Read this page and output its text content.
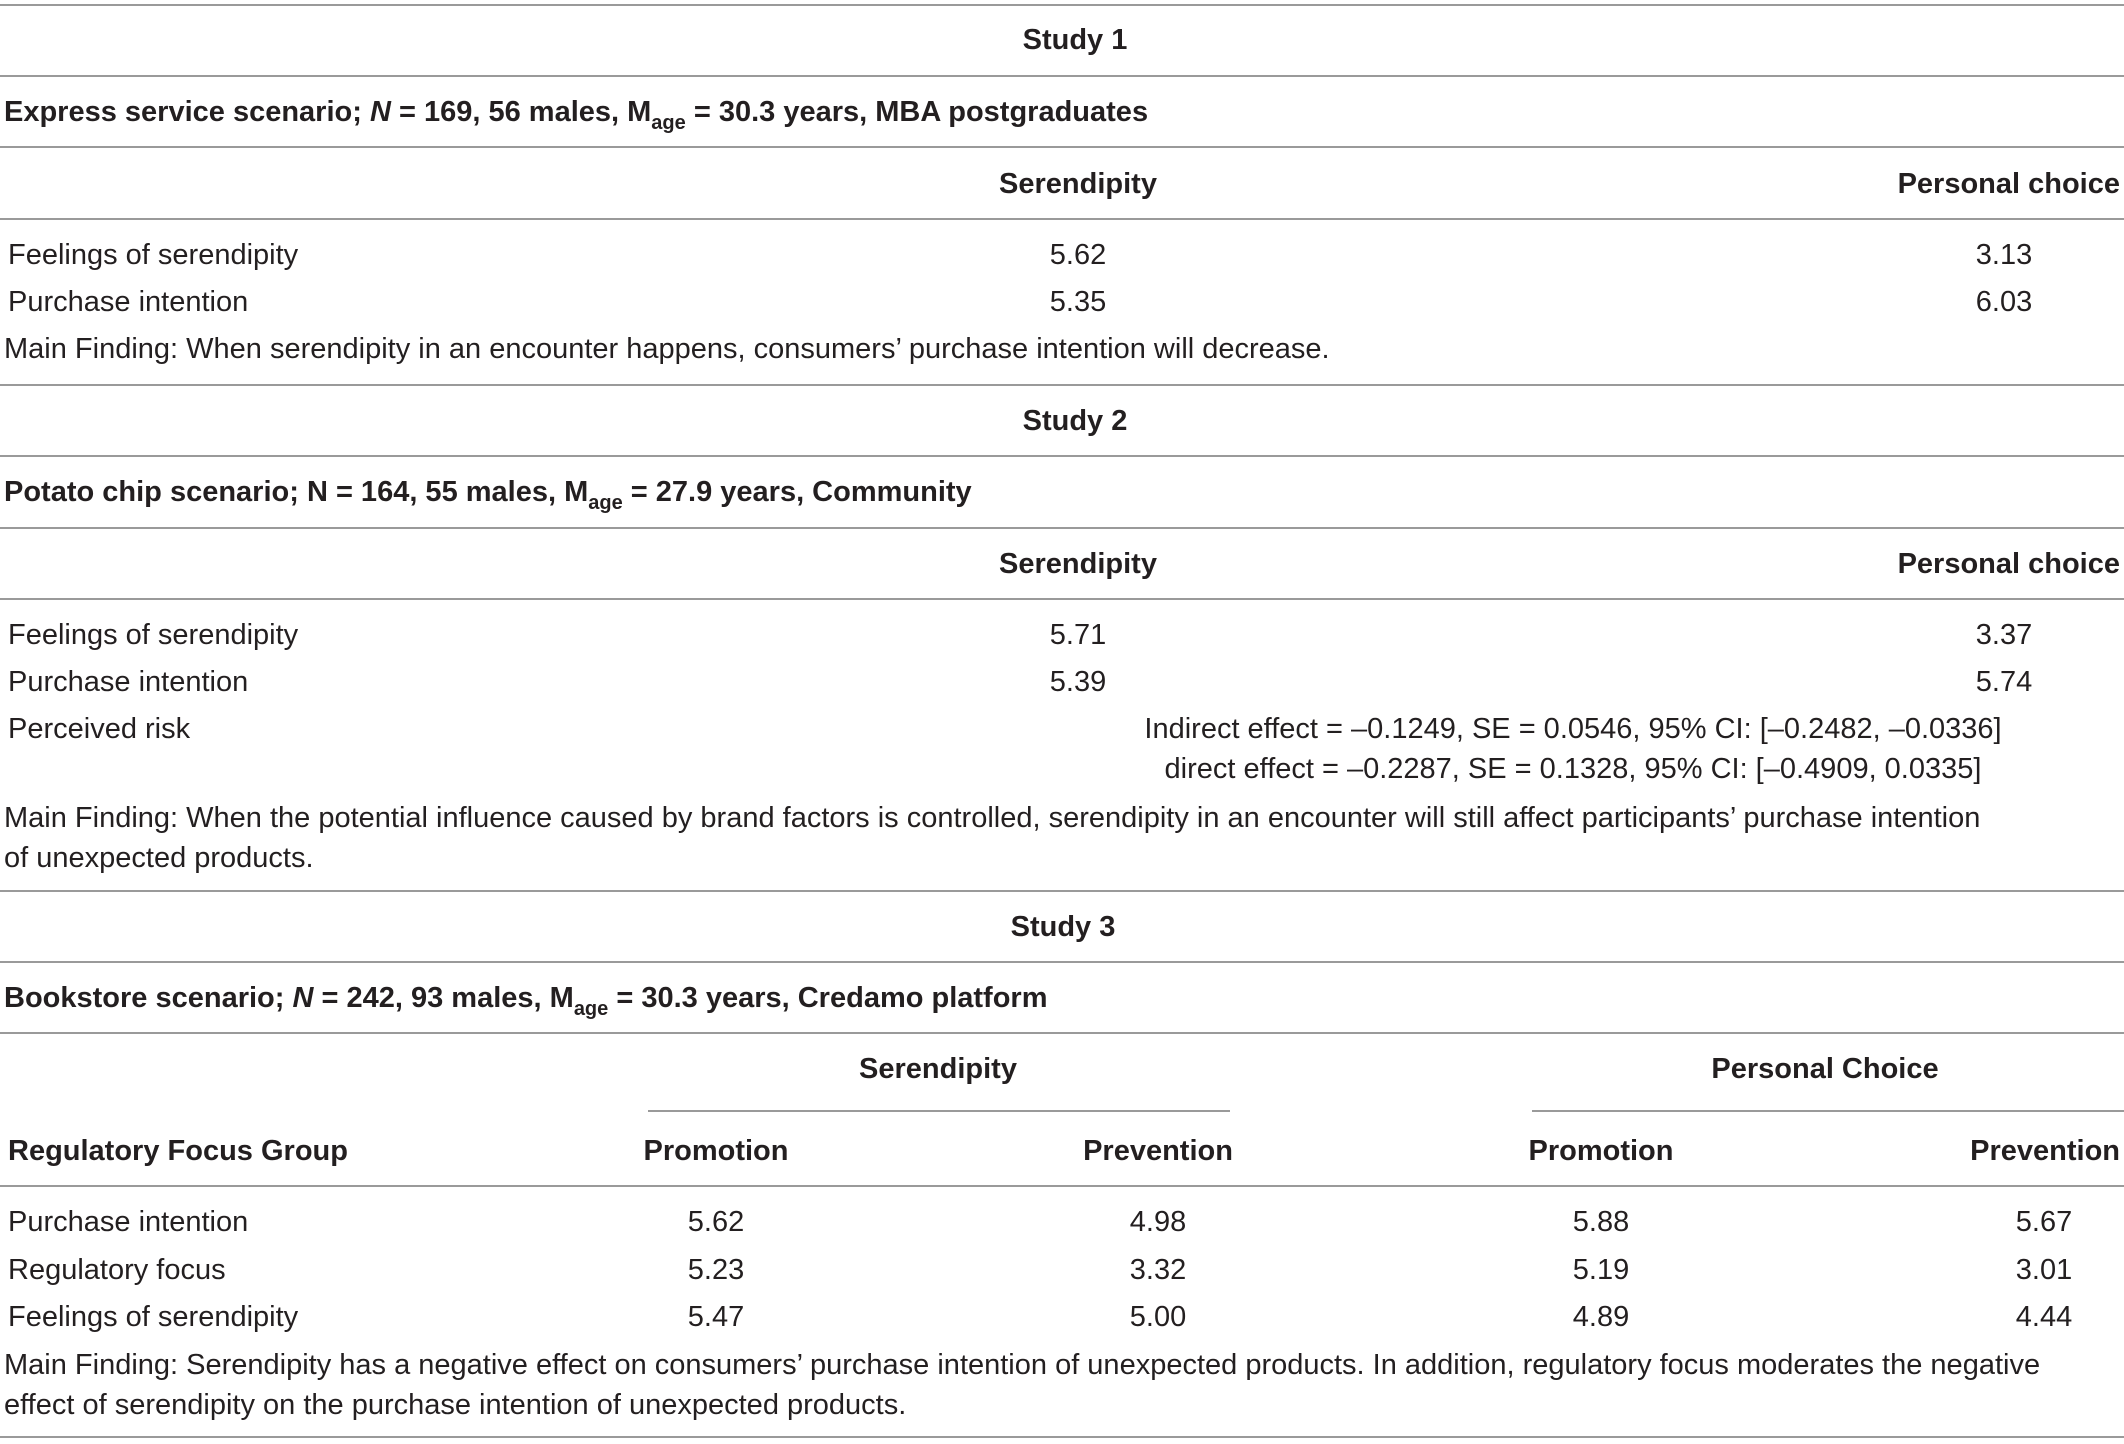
Study 1
Express service scenario; N = 169, 56 males, $M_{age} = 30.3$ years, MBA postgraduates
Serendipity	Personal choice
Feelings of serendipity	5.62	3.13
Purchase intention	5.35	6.03
Main Finding: When serendipity in an encounter happens, consumers’ purchase intention will decrease.
Study 2
Potato chip scenario; N = 164, 55 males, $M_{age} = 27.9$ years, Community
Serendipity	Personal choice
Feelings of serendipity	5.71	3.37
Purchase intention	5.39	5.74
Perceived risk	Indirect effect = –0.1249, SE = 0.0546, 95% CI: [–0.2482, –0.0336]
direct effect = –0.2287, SE = 0.1328, 95% CI: [–0.4909, 0.0335]
Main Finding: When the potential influence caused by brand factors is controlled, serendipity in an encounter will still affect participants’ purchase intention of unexpected products.
Study 3
Bookstore scenario; N = 242, 93 males, $M_{age} = 30.3$ years, Credamo platform
Serendipity	Personal Choice
Regulatory Focus Group	Promotion	Prevention	Promotion	Prevention
Purchase intention	5.62	4.98	5.88	5.67
Regulatory focus	5.23	3.32	5.19	3.01
Feelings of serendipity	5.47	5.00	4.89	4.44
Main Finding: Serendipity has a negative effect on consumers’ purchase intention of unexpected products. In addition, regulatory focus moderates the negative effect of serendipity on the purchase intention of unexpected products.
